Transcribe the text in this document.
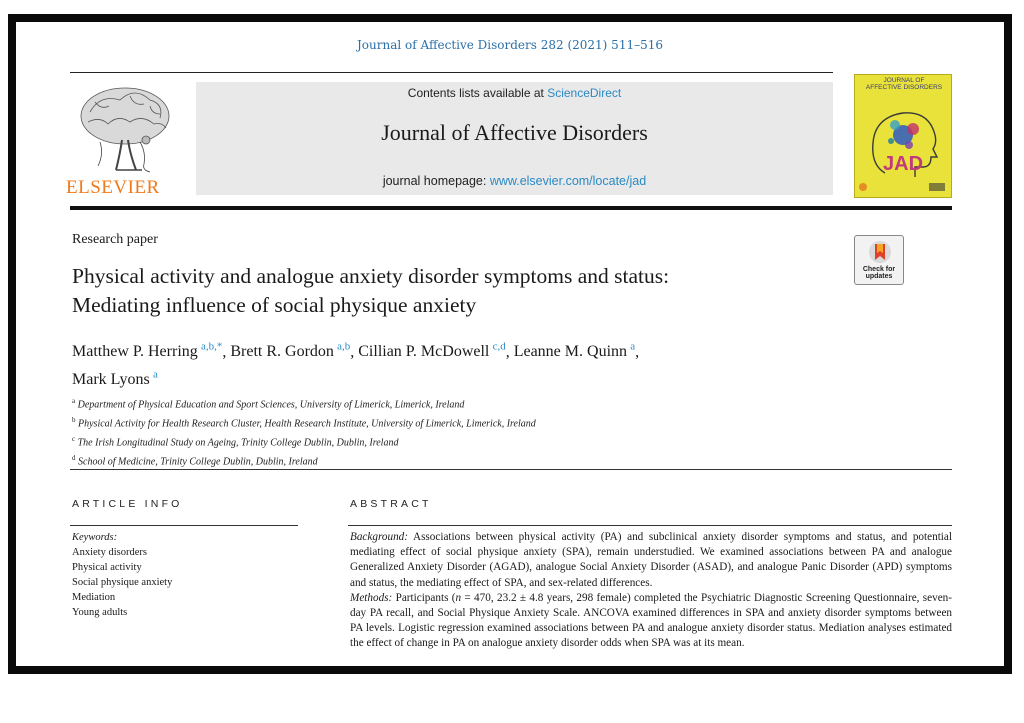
Journal of Affective Disorders 282 (2021) 511–516
ELSEVIER
Contents lists available at ScienceDirect
Journal of Affective Disorders
journal homepage: www.elsevier.com/locate/jad
JOURNAL OF
AFFECTIVE DISORDERS
JAD
Research paper
Check for
updates
Physical activity and analogue anxiety disorder symptoms and status:
Mediating influence of social physique anxiety
Matthew P. Herring  $^{a,b,*}$, Brett R. Gordon  $^{a,b}$, Cillian P. McDowell  $^{c,d}$, Leanne M. Quinn  $^a$,
Mark Lyons  $^a$
$^a$ Department of Physical Education and Sport Sciences, University of Limerick, Limerick, Ireland
$^b$ Physical Activity for Health Research Cluster, Health Research Institute, University of Limerick, Limerick, Ireland
$^c$ The Irish Longitudinal Study on Ageing, Trinity College Dublin, Dublin, Ireland
$^d$ School of Medicine, Trinity College Dublin, Dublin, Ireland
ARTICLE INFO	ABSTRACT
Keywords:
Anxiety disorders
Physical activity
Social physique anxiety
Mediation
Young adults

Background: Associations between physical activity (PA) and subclinical anxiety disorder symptoms and status, and potential mediating effect of social physique anxiety (SPA), remain understudied. We examined associations between PA and analogue Generalized Anxiety Disorder (AGAD), analogue Social Anxiety Disorder (ASAD), and analogue Panic Disorder (APD) symptoms and status, the mediating effect of SPA, and sex-related differences.

Methods: Participants (n = 470, 23.2 ± 4.8 years, 298 female) completed the Psychiatric Diagnostic Screening Questionnaire, seven-day PA recall, and Social Physique Anxiety Scale. ANCOVA examined differences in SPA and anxiety disorder symptoms between PA levels. Logistic regression examined associations between PA and analogue anxiety disorder status. Mediation analyses estimated the effect of change in PA on analogue anxiety disorder odds when SPA was at its mean.
